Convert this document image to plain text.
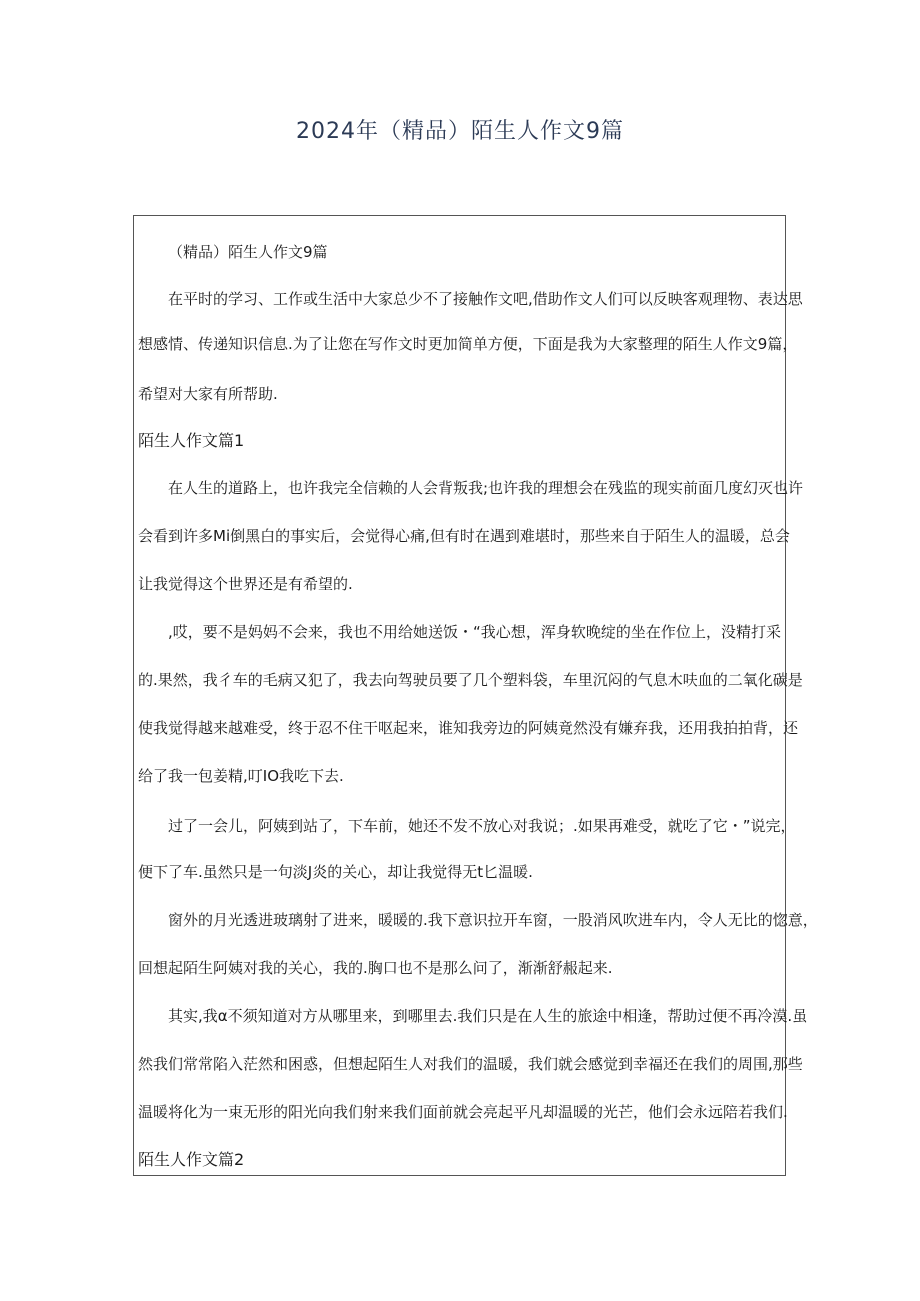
2024年（精品）陌生人作文9篇
（精品）陌生人作文9篇
在平时的学习、工作或生活中大家总少不了接触作文吧,借助作文人们可以反映客观理物、表达思
想感情、传递知识信息.为了让您在写作文时更加简单方便，下面是我为大家整理的陌生人作文9篇，
希望对大家有所帮助.
陌生人作文篇1
在人生的道路上，也许我完全信赖的人会背叛我;也许我的理想会在残监的现实前面几度幻灭也许
会看到许多Mi倒黑白的事实后，会觉得心痛,但有时在遇到难堪时，那些来自于陌生人的温暖，总会
让我觉得这个世界还是有希望的.
,哎，要不是妈妈不会来，我也不用给她送饭・“我心想，浑身软晚绽的坐在作位上，没精打采
的.果然，我彳车的毛病又犯了，我去向驾驶员要了几个塑料袋，车里沉闷的气息木呋血的二氧化碳是
使我觉得越来越难受，终于忍不住干呕起来，谁知我旁边的阿姨竟然没有嫌弃我，还用我拍拍背，还
给了我一包姜精,叮IO我吃下去.
过了一会儿，阿姨到站了，下车前，她还不发不放心对我说；.如果再难受，就吃了它・”说完，
便下了车.虽然只是一句淡J炎的关心，却让我觉得无t匕温暖.
窗外的月光透进玻璃射了进来，暖暖的.我下意识拉开车窗，一股消风吹进车内，令人无比的惚意，
回想起陌生阿姨对我的关心，我的.胸口也不是那么问了，渐渐舒赧起来.
其实,我α不须知道对方从哪里来，到哪里去.我们只是在人生的旅途中相逢，帮助过便不再冷漠.虽
然我们常常陷入茫然和困惑，但想起陌生人对我们的温暖，我们就会感觉到幸福还在我们的周围,那些
温暖将化为一束无形的阳光向我们射来我们面前就会亮起平凡却温暖的光芒，他们会永远陪若我们.
陌生人作文篇2
